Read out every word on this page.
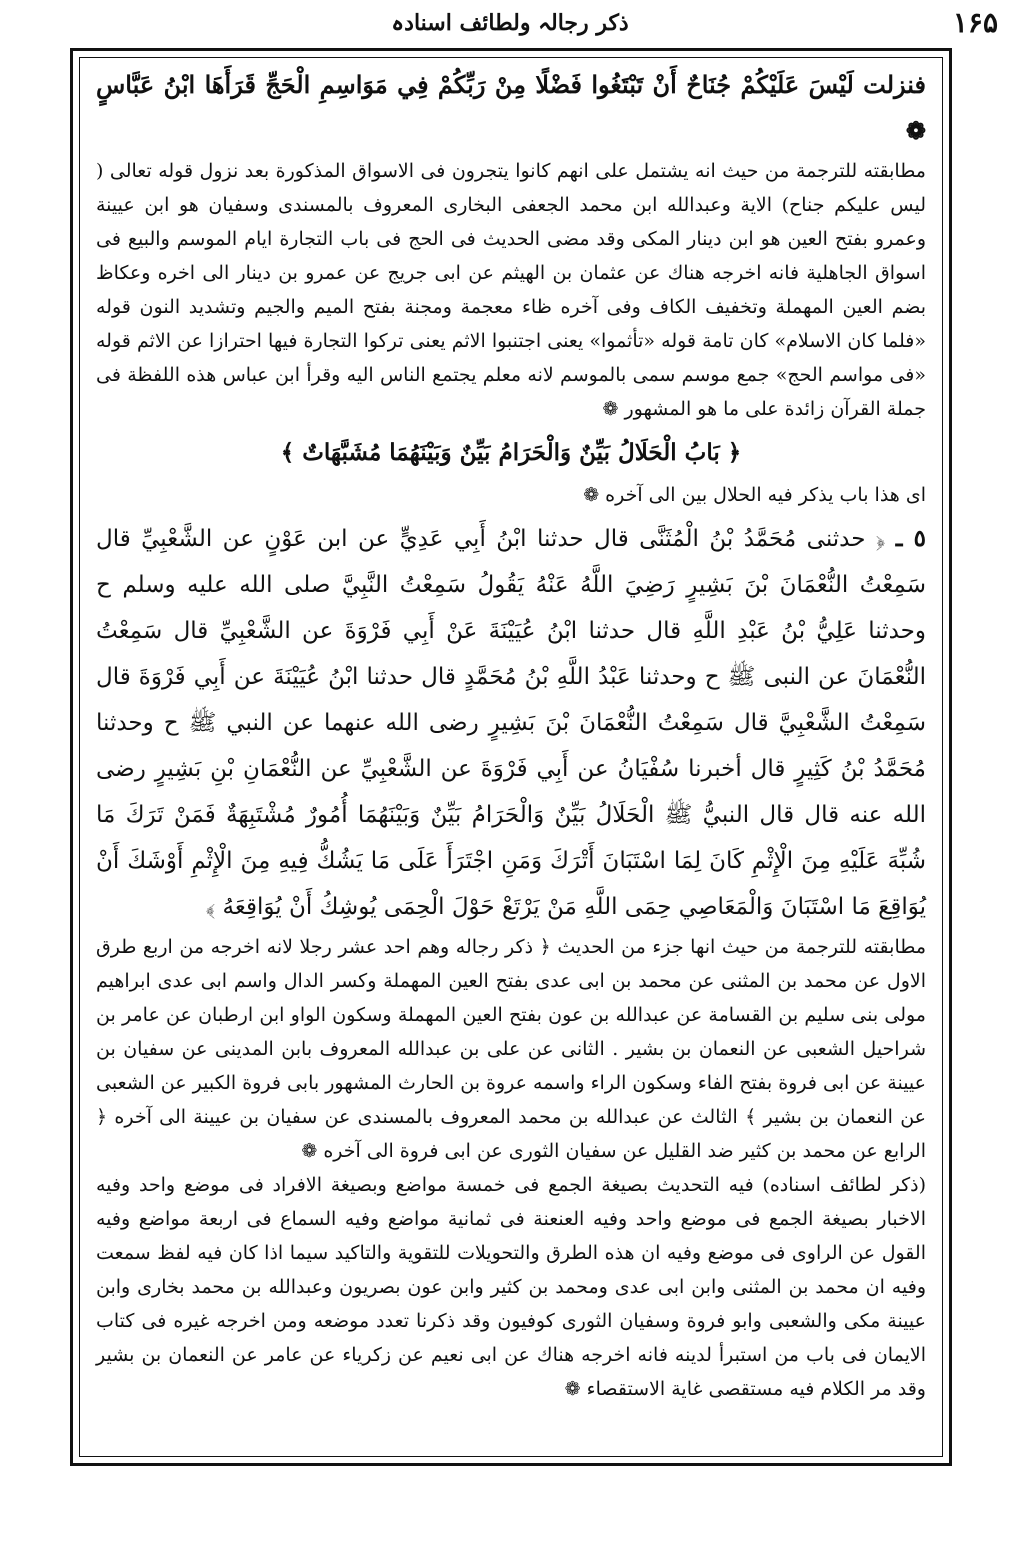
ذکر رجالہ ولطائف اسنادہ	۱۶۵

فنزلت لَيْسَ عَلَيْكُمْ جُنَاحٌ أَنْ تَبْتَغُوا فَضْلًا مِنْ رَبِّكُمْ فِي مَوَاسِمِ الْحَجِّ قَرَأَهَا ابْنُ عَبَّاسٍ ❁

مطابقته للترجمة من حيث انه يشتمل على انهم كانوا يتجرون فى الاسواق المذكورة بعد نزول قوله تعالى ( ليس عليكم جناح) الاية وعبدالله ابن محمد الجعفى البخارى المعروف بالمسندى وسفيان هو ابن عيينة وعمرو بفتح العين هو ابن دينار المكى وقد مضى الحديث فى الحج فى باب التجارة ايام الموسم والبيع فى اسواق الجاهلية فانه اخرجه هناك عن عثمان بن الهيثم عن ابى جريج عن عمرو بن دينار الى اخره وعكاظ بضم العين المهملة وتخفيف الكاف وفى آخره ظاء معجمة ومجنة بفتح الميم والجيم وتشديد النون قوله «فلما كان الاسلام» كان تامة قوله «تأثموا» يعنى اجتنبوا الاثم يعنى تركوا التجارة فيها احترازا عن الاثم قوله «فى مواسم الحج» جمع موسم سمى بالموسم لانه معلم يجتمع الناس اليه وقرأ ابن عباس هذه اللفظة فى جملة القرآن زائدة على ما هو المشهور ❁

﴿ بَابُ الْحَلَالُ بَيِّنٌ وَالْحَرَامُ بَيِّنٌ وَبَيْنَهُمَا مُشَبَّهَاتٌ ﴾

اى هذا باب يذكر فيه الحلال بين الى آخره ❁

٥ ـ ﴿ حدثنى مُحَمَّدُ بْنُ الْمُثَنَّى قال حدثنا ابْنُ أَبِي عَدِيٍّ عن ابن عَوْنٍ عن الشَّعْبِيِّ قال سَمِعْتُ النُّعْمَانَ بْنَ بَشِيرٍ رَضِيَ اللَّهُ عَنْهُ يَقُولُ سَمِعْتُ النَّبِيَّ صلى الله عليه وسلم ح وحدثنا عَلِيُّ بْنُ عَبْدِ اللَّهِ قال حدثنا ابْنُ عُيَيْنَةَ عَنْ أَبِي فَرْوَةَ عن الشَّعْبِيِّ قال سَمِعْتُ النُّعْمَانَ عن النبى ﷺ ح وحدثنا عَبْدُ اللَّهِ بْنُ مُحَمَّدٍ قال حدثنا ابْنُ عُيَيْنَةَ عن أَبِي فَرْوَةَ قال سَمِعْتُ الشَّعْبِيَّ قال سَمِعْتُ النُّعْمَانَ بْنَ بَشِيرٍ رضى الله عنهما عن النبي ﷺ ح وحدثنا مُحَمَّدُ بْنُ كَثِيرٍ قال أخبرنا سُفْيَانُ عن أَبِي فَرْوَةَ عن الشَّعْبِيِّ عن النُّعْمَانِ بْنِ بَشِيرٍ رضى الله عنه قال قال النبيُّ ﷺ الْحَلَالُ بَيِّنٌ وَالْحَرَامُ بَيِّنٌ وَبَيْنَهُمَا أُمُورٌ مُشْتَبِهَةٌ فَمَنْ تَرَكَ مَا شُبِّهَ عَلَيْهِ مِنَ الْإِثْمِ كَانَ لِمَا اسْتَبَانَ أَتْرَكَ وَمَنِ اجْتَرَأَ عَلَى مَا يَشُكُّ فِيهِ مِنَ الْإِثْمِ أَوْشَكَ أَنْ يُوَاقِعَ مَا اسْتَبَانَ وَالْمَعَاصِي حِمَى اللَّهِ مَنْ يَرْتَعْ حَوْلَ الْحِمَى يُوشِكُ أَنْ يُوَاقِعَهُ ﴾

مطابقته للترجمة من حيث انها جزء من الحديث ﴿ ذكر رجاله وهم احد عشر رجلا لانه اخرجه من اربع طرق الاول عن محمد بن المثنى عن محمد بن ابى عدى بفتح العين المهملة وكسر الدال واسم ابى عدى ابراهيم مولى بنى سليم بن القسامة عن عبدالله بن عون بفتح العين المهملة وسكون الواو ابن ارطبان عن عامر بن شراحيل الشعبى عن النعمان بن بشير . الثانى عن على بن عبدالله المعروف بابن المدينى عن سفيان بن عيينة عن ابى فروة بفتح الفاء وسكون الراء واسمه عروة بن الحارث المشهور بابى فروة الكبير عن الشعبى عن النعمان بن بشير ﴾ الثالث عن عبدالله بن محمد المعروف بالمسندى عن سفيان بن عيينة الى آخره ﴿ الرابع عن محمد بن كثير ضد القليل عن سفيان الثورى عن ابى فروة الى آخره ❁

(ذكر لطائف اسناده) فيه التحديث بصيغة الجمع فى خمسة مواضع وبصيغة الافراد فى موضع واحد وفيه الاخبار بصيغة الجمع فى موضع واحد وفيه العنعنة فى ثمانية مواضع وفيه السماع فى اربعة مواضع وفيه القول عن الراوى فى موضع وفيه ان هذه الطرق والتحويلات للتقوية والتاكيد سيما اذا كان فيه لفظ سمعت وفيه ان محمد بن المثنى وابن ابى عدى ومحمد بن كثير وابن عون بصريون وعبدالله بن محمد بخارى وابن عيينة مكى والشعبى وابو فروة وسفيان الثورى كوفيون وقد ذكرنا تعدد موضعه ومن اخرجه غيره فى كتاب الايمان فى باب من استبرأ لدينه فانه اخرجه هناك عن ابى نعيم عن زكرياء عن عامر عن النعمان بن بشير وقد مر الكلام فيه مستقصى غاية الاستقصاء ❁
